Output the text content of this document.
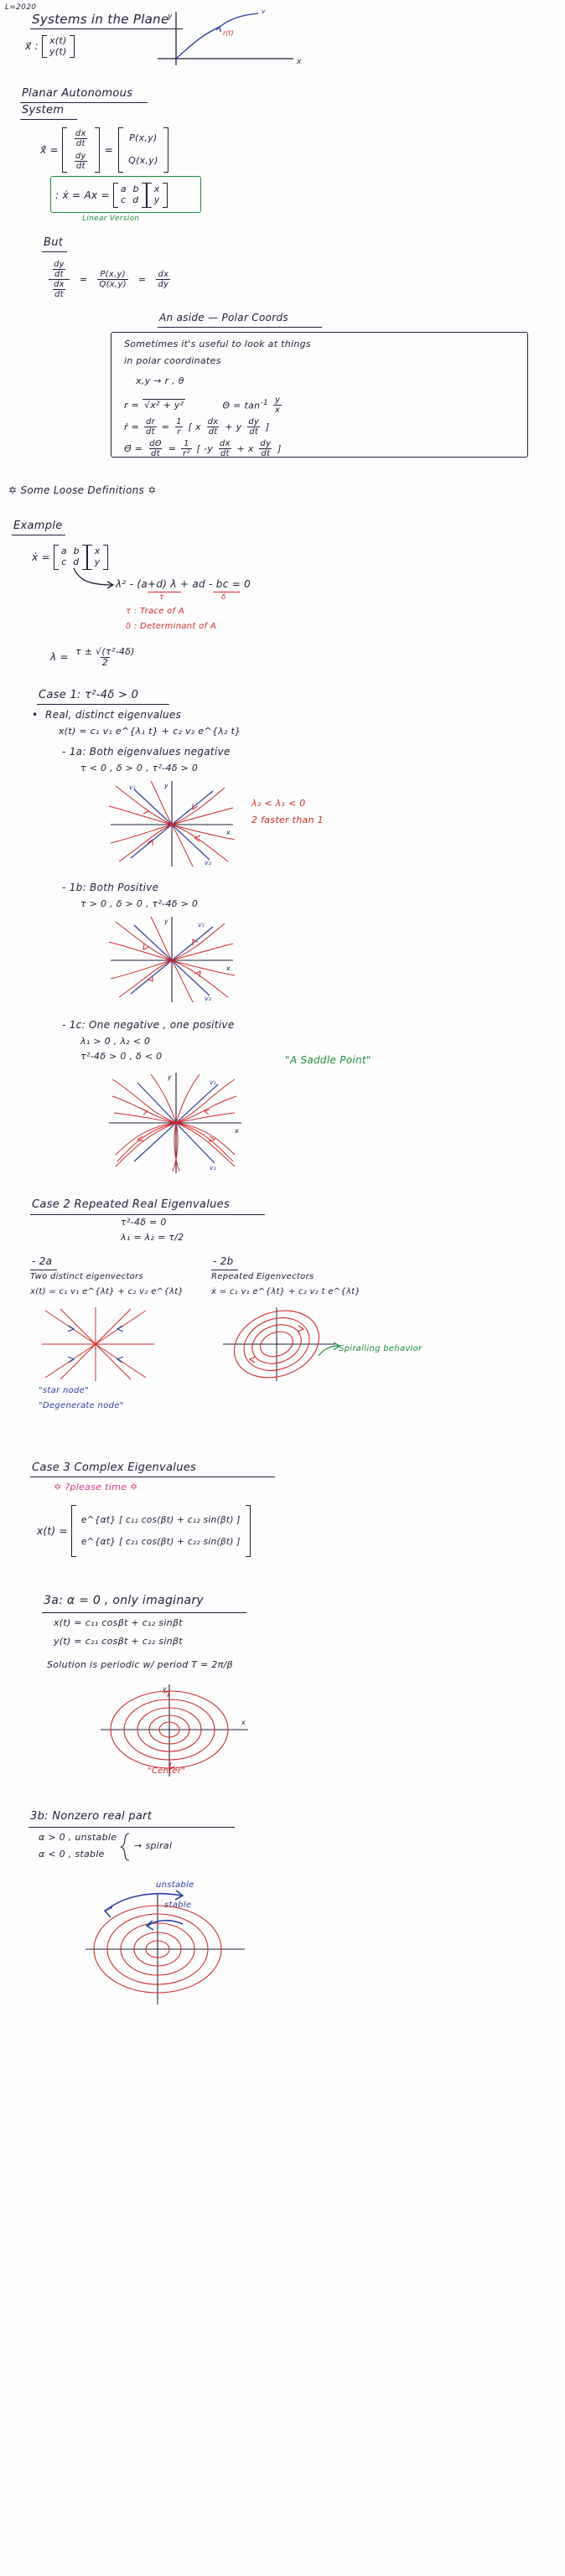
L=2020
Systems in the Plane
x⃗ : x(t)
y(t)
x
y
r(t)
v
Planar Autonomous
System
ẋ⃗ =
$\frac{dx}{dt}$
$\frac{dy}{dt}$
=
P(x,y)
Q(x,y)
: ẋ = Ax = a  b
c  d
x
y
Linear Version
But
$\frac{\frac{dy}{dt}}{\frac{dx}{dt}} = \frac{P(x,y)}{Q(x,y)} = \frac{dx}{dy}$
An aside — Polar Coords
Sometimes it's useful to look at things
in polar coordinates
x,y → r , θ
r = √x² + y²	$\Theta = \tan^{-1} \frac{y}{x}$
ṙ = $\frac{dr}{dt} = \frac{1}{r}$ [ x $\frac{dx}{dt} + y \frac{dy}{dt}$ ]
Θ̇ = $\frac{d\Theta}{dt} = \frac{1}{\text{r²}}$ [ $-y \frac{dx}{dt} + x \frac{dy}{dt}$ ]
✡ Some Loose Definitions ✡
Example
ẋ = a  b
c  d
x
y
λ² - (a+d) λ + ad - bc = 0
τ	δ
τ : Trace of A
δ : Determinant of A
$\lambda = \frac{\text{τ ± √(τ²-4δ)}}{2}$
Case 1: τ²-4δ > 0
• Real, distinct eigenvalues
x(t) = c₁ v₁ e^{λ₁ t} + c₂ v₂ e^{λ₂ t}
- 1a: Both eigenvalues negative
τ < 0 , δ > 0 , τ²-4δ > 0
x
y
v₁
v₂
λ₂ < λ₁ < 0
2 faster than 1
- 1b: Both Positive
τ > 0 , δ > 0 , τ²-4δ > 0
x
y	v₁
v₂
- 1c: One negative , one positive
λ₁ > 0 , λ₂ < 0
τ²-4δ > 0 , δ < 0	"A Saddle Point"
x
y
v₁
v₂
Case 2 Repeated Real Eigenvalues
τ²-4δ = 0
λ₁ = λ₂ = τ/2
- 2a
Two distinct eigenvectors
x(t) = c₁ v₁ e^{λt} + c₂ v₂ e^{λt}
"star node"
"Degenerate node"
- 2b
Repeated Eigenvectors
ẋ = c₁ v₁ e^{λt} + c₂ v₂ t e^{λt}
Spiralling behavior
Case 3 Complex Eigenvalues
✡ ?please time ✡
x(t) =
e^{αt} [ c₁₁ cos(βt) + c₁₂ sin(βt) ]
e^{αt} [ c₂₁ cos(βt) + c₂₂ sin(βt) ]
3a: α = 0 , only imaginary
x(t) = c₁₁ cosβt + c₁₂ sinβt
y(t) = c₂₁ cosβt + c₂₂ sinβt
Solution is periodic w/ period T = 2π/β
x
y
"Center"
3b: Nonzero real part
α > 0 , unstable
α < 0 , stable
→ spiral
unstable
stable
